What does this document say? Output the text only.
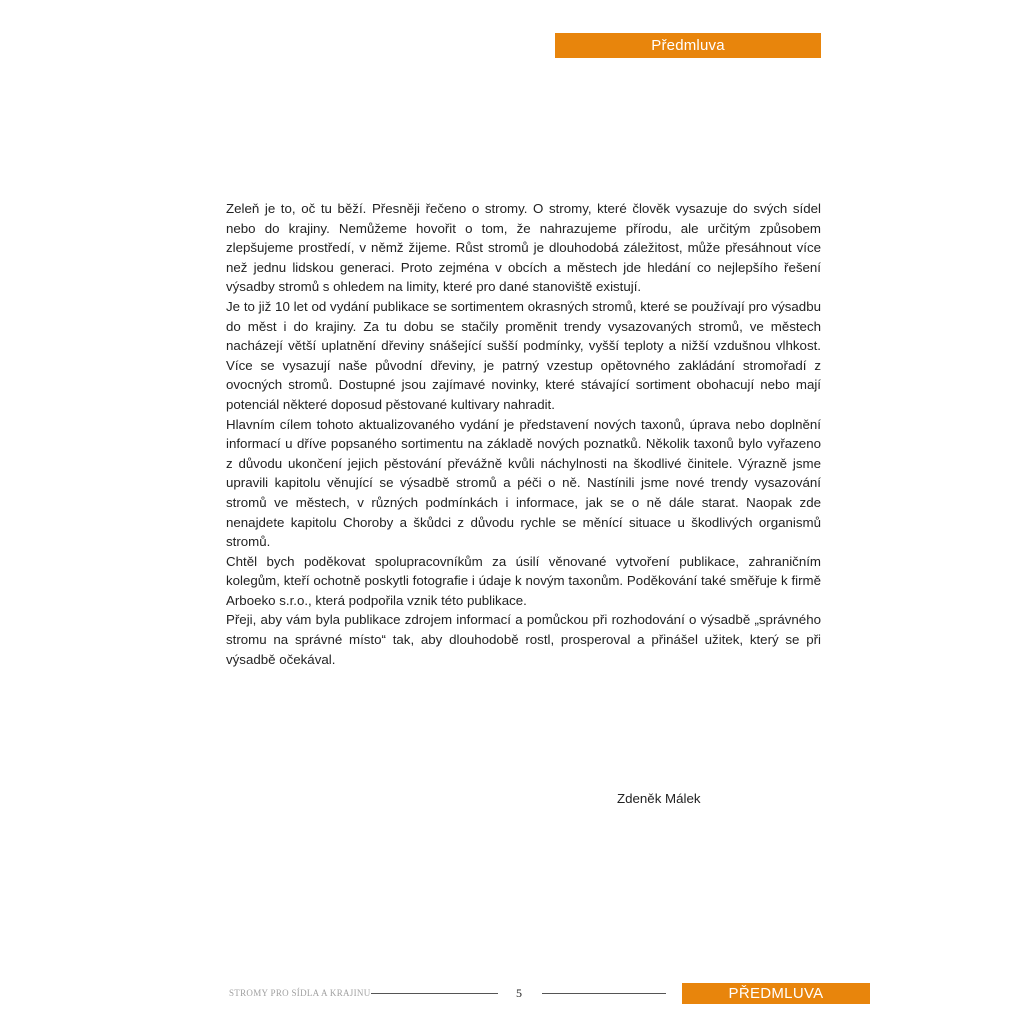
Předmluva

Zeleň je to, oč tu běží. Přesněji řečeno o stromy. O stromy, které člověk vysazuje do svých sídel nebo do krajiny. Nemůžeme hovořit o tom, že nahrazujeme přírodu, ale určitým způsobem zlepšujeme prostředí, v němž žijeme. Růst stromů je dlouhodobá záležitost, může přesáhnout více než jednu lidskou generaci. Proto zejména v obcích a městech jde hledání co nejlepšího řešení výsadby stromů s ohledem na limity, které pro dané stanoviště existují.

Je to již 10 let od vydání publikace se sortimentem okrasných stromů, které se používají pro výsadbu do měst i do krajiny. Za tu dobu se stačily proměnit trendy vysazovaných stromů, ve městech nacházejí větší uplatnění dřeviny snášející sušší podmínky, vyšší teploty a nižší vzdušnou vlhkost. Více se vysazují naše původní dřeviny, je patrný vzestup opětovného zakládání stromořadí z ovocných stromů. Dostupné jsou zajímavé novinky, které stávající sortiment obohacují nebo mají potenciál některé doposud pěstované kultivary nahradit.

Hlavním cílem tohoto aktualizovaného vydání je představení nových taxonů, úprava nebo doplnění informací u dříve popsaného sortimentu na základě nových poznatků. Několik taxonů bylo vyřazeno z důvodu ukončení jejich pěstování převážně kvůli náchylnosti na škodlivé činitele. Výrazně jsme upravili kapitolu věnující se výsadbě stromů a péči o ně. Nastínili jsme nové trendy vysazování stromů ve městech, v různých podmínkách i informace, jak se o ně dále starat. Naopak zde nenajdete kapitolu Choroby a škůdci z důvodu rychle se měnící situace u škodlivých organismů stromů.

Chtěl bych poděkovat spolupracovníkům za úsilí věnované vytvoření publikace, zahraničním kolegům, kteří ochotně poskytli fotografie i údaje k novým taxonům. Poděkování také směřuje k firmě Arboeko s.r.o., která podpořila vznik této publikace.

Přeji, aby vám byla publikace zdrojem informací a pomůckou při rozhodování o výsadbě „správného stromu na správné místo“ tak, aby dlouhodobě rostl, prosperoval a přinášel užitek, který se při výsadbě očekával.

Zdeněk Málek
STROMY PRO SÍDLA A KRAJINU	5	PŘEDMLUVA
